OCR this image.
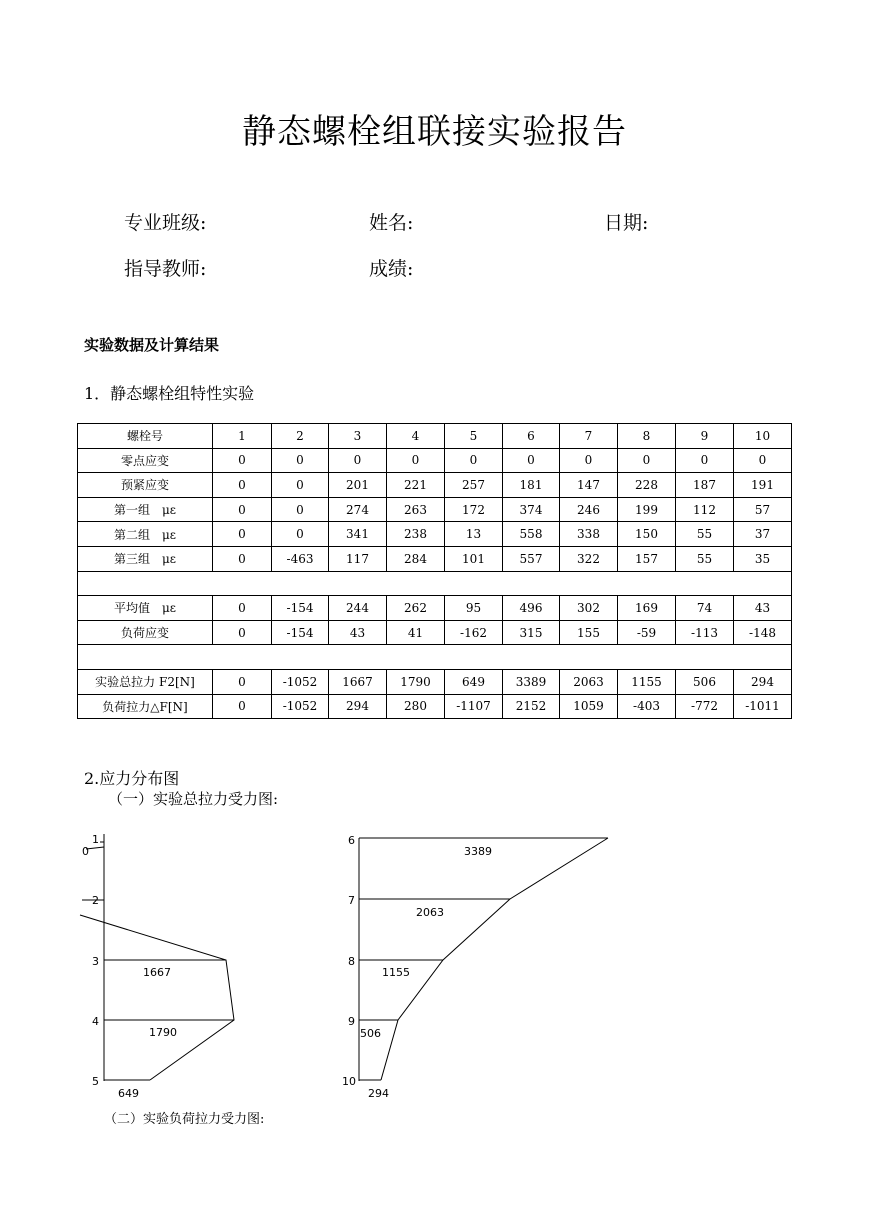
静态螺栓组联接实验报告
专业班级:	姓名:	日期:
指导教师:	成绩:
实验数据及计算结果
1．静态螺栓组特性实验
螺栓号	1	2	3	4	5	6	7	8	9	10
零点应变	0	0	0	0	0	0	0	0	0	0
预紧应变	0	0	201	221	257	181	147	228	187	191
第一组　με	0	0	274	263	172	374	246	199	112	57
第二组　με	0	0	341	238	13	558	338	150	55	37
第三组　με	0	-463	117	284	101	557	322	157	55	35

平均值　με	0	-154	244	262	95	496	302	169	74	43
负荷应变	0	-154	43	41	-162	315	155	-59	-113	-148

实验总拉力 F2[N]	0	-1052	1667	1790	649	3389	2063	1155	506	294
负荷拉力△F[N]	0	-1052	294	280	-1107	2152	1059	-403	-772	-1011
2.应力分布图
（一）实验总拉力受力图:
（二）实验负荷拉力受力图:
1
0
2
3
4
5
1667
1790
649
6
7
8
9
10
3389
2063
1155
506
294
